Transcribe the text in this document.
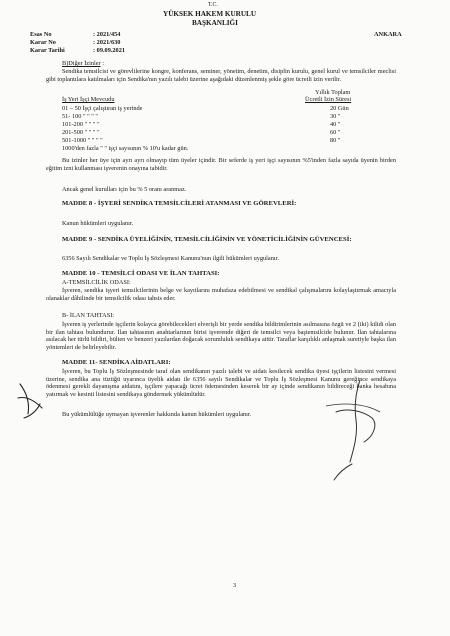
T.C.
YÜKSEK HAKEM KURULU
BAŞKANLIĞI
Esas No	: 2021/454
Karar No	: 2021/630
Karar Tarihi	: 09.09.2021
ANKARA
B)Diğer İzinler :
Sendika temsilcisi ve görevlilerine kongre, konferans, seminer, yönetim, denetim, disiplin kurulu, genel kurul ve temsilciler meclisi gibi toplantılara katılmaları için Sendika'nın yazılı talebi üzerine aşağıdaki düzenlenmiş şekle göre ücretli izin verilir.
Yıllık Toplam
İş Yeri İşçi Mevcudu	Ücretli İzin Süresi
01 – 50 İşçi çalıştıran iş yerinde	20 Gün
51- 100 " " " "	30 "
101-200 " " " "	40 "
201-500 " " " "	60 "
501-1000 " " " "	80 "
1000'den fazla " " işçi sayısının % 10'u kadar gün.
Bu izinler her üye için ayrı ayrı olmayıp tüm üyeler içindir. Bir seferde iş yeri işçi sayısının %5'inden fazla sayıda üyenin birden eğitim izni kullanması işverenin onayına tabidir.
Ancak genel kurulları için bu % 5 oranı aranmaz.
MADDE 8 - İŞYERİ SENDİKA TEMSİLCİLERİ ATANMASI VE GÖREVLERİ:
Kanun hükümleri uygulanır.
MADDE 9 - SENDİKA ÜYELİĞİNİN, TEMSİLCİLİĞİNİN VE YÖNETİCİLİĞİNİN GÜVENCESİ:
6356 Sayılı Sendikalar ve Toplu İş Sözleşmesi Kanunu'nun ilgili hükümleri uygulanır.
MADDE 10 - TEMSİLCİ ODASI VE İLAN TAHTASI:
A-TEMSİLCİLİK ODASI:
İşveren, sendika işyeri temsilcilerinin belge ve kayıtlarını muhafaza edebilmesi ve sendikal çalışmalarını kolaylaştırmak amacıyla olanaklar dâhilinde bir temsilcilik odası tahsis eder.
B- İLAN TAHTASI:
İşveren iş yerlerinde işçilerin kolayca görebilecekleri elverişli bir yerde sendika bildirimlerinin asılmasına özgü ve 2 (iki) kilidi olan bir ilan tahtası bulundurur. İlan tahtasının anahtarlarının birisi işverende diğeri de temsilci veya baştemsilcide bulunur. İlan tahtalarına asılacak her türlü bildiri, bülten ve benzeri yazılardan doğacak sorumluluk sendikaya aittir. Taraflar karşılıklı anlaşmak suretiyle başka ilan yöntemleri de belirleyebilir.
MADDE 11- SENDİKA AİDATLARI:
İşveren, bu Toplu İş Sözleşmesinde taraf olan sendikanın yazılı talebi ve aidatı kesilecek sendika üyesi işçilerin listesini vermesi üzerine, sendika ana tüzüğü uyarınca üyelik aidatı ile 6356 sayılı Sendikalar ve Toplu İş Sözleşmesi Kanunu gereğince sendikaya ödenmesi gerekli dayanışma aidatını, işçilere yapacağı ücret ödemesinden keserek bir ay içinde sendikanın bildireceği banka hesabına yatırmak ve kesinti listesini sendikaya göndermek yükümlüdür.
Bu yükümlülüğe uymayan işverenler hakkında kanun hükümleri uygulanır.
3
